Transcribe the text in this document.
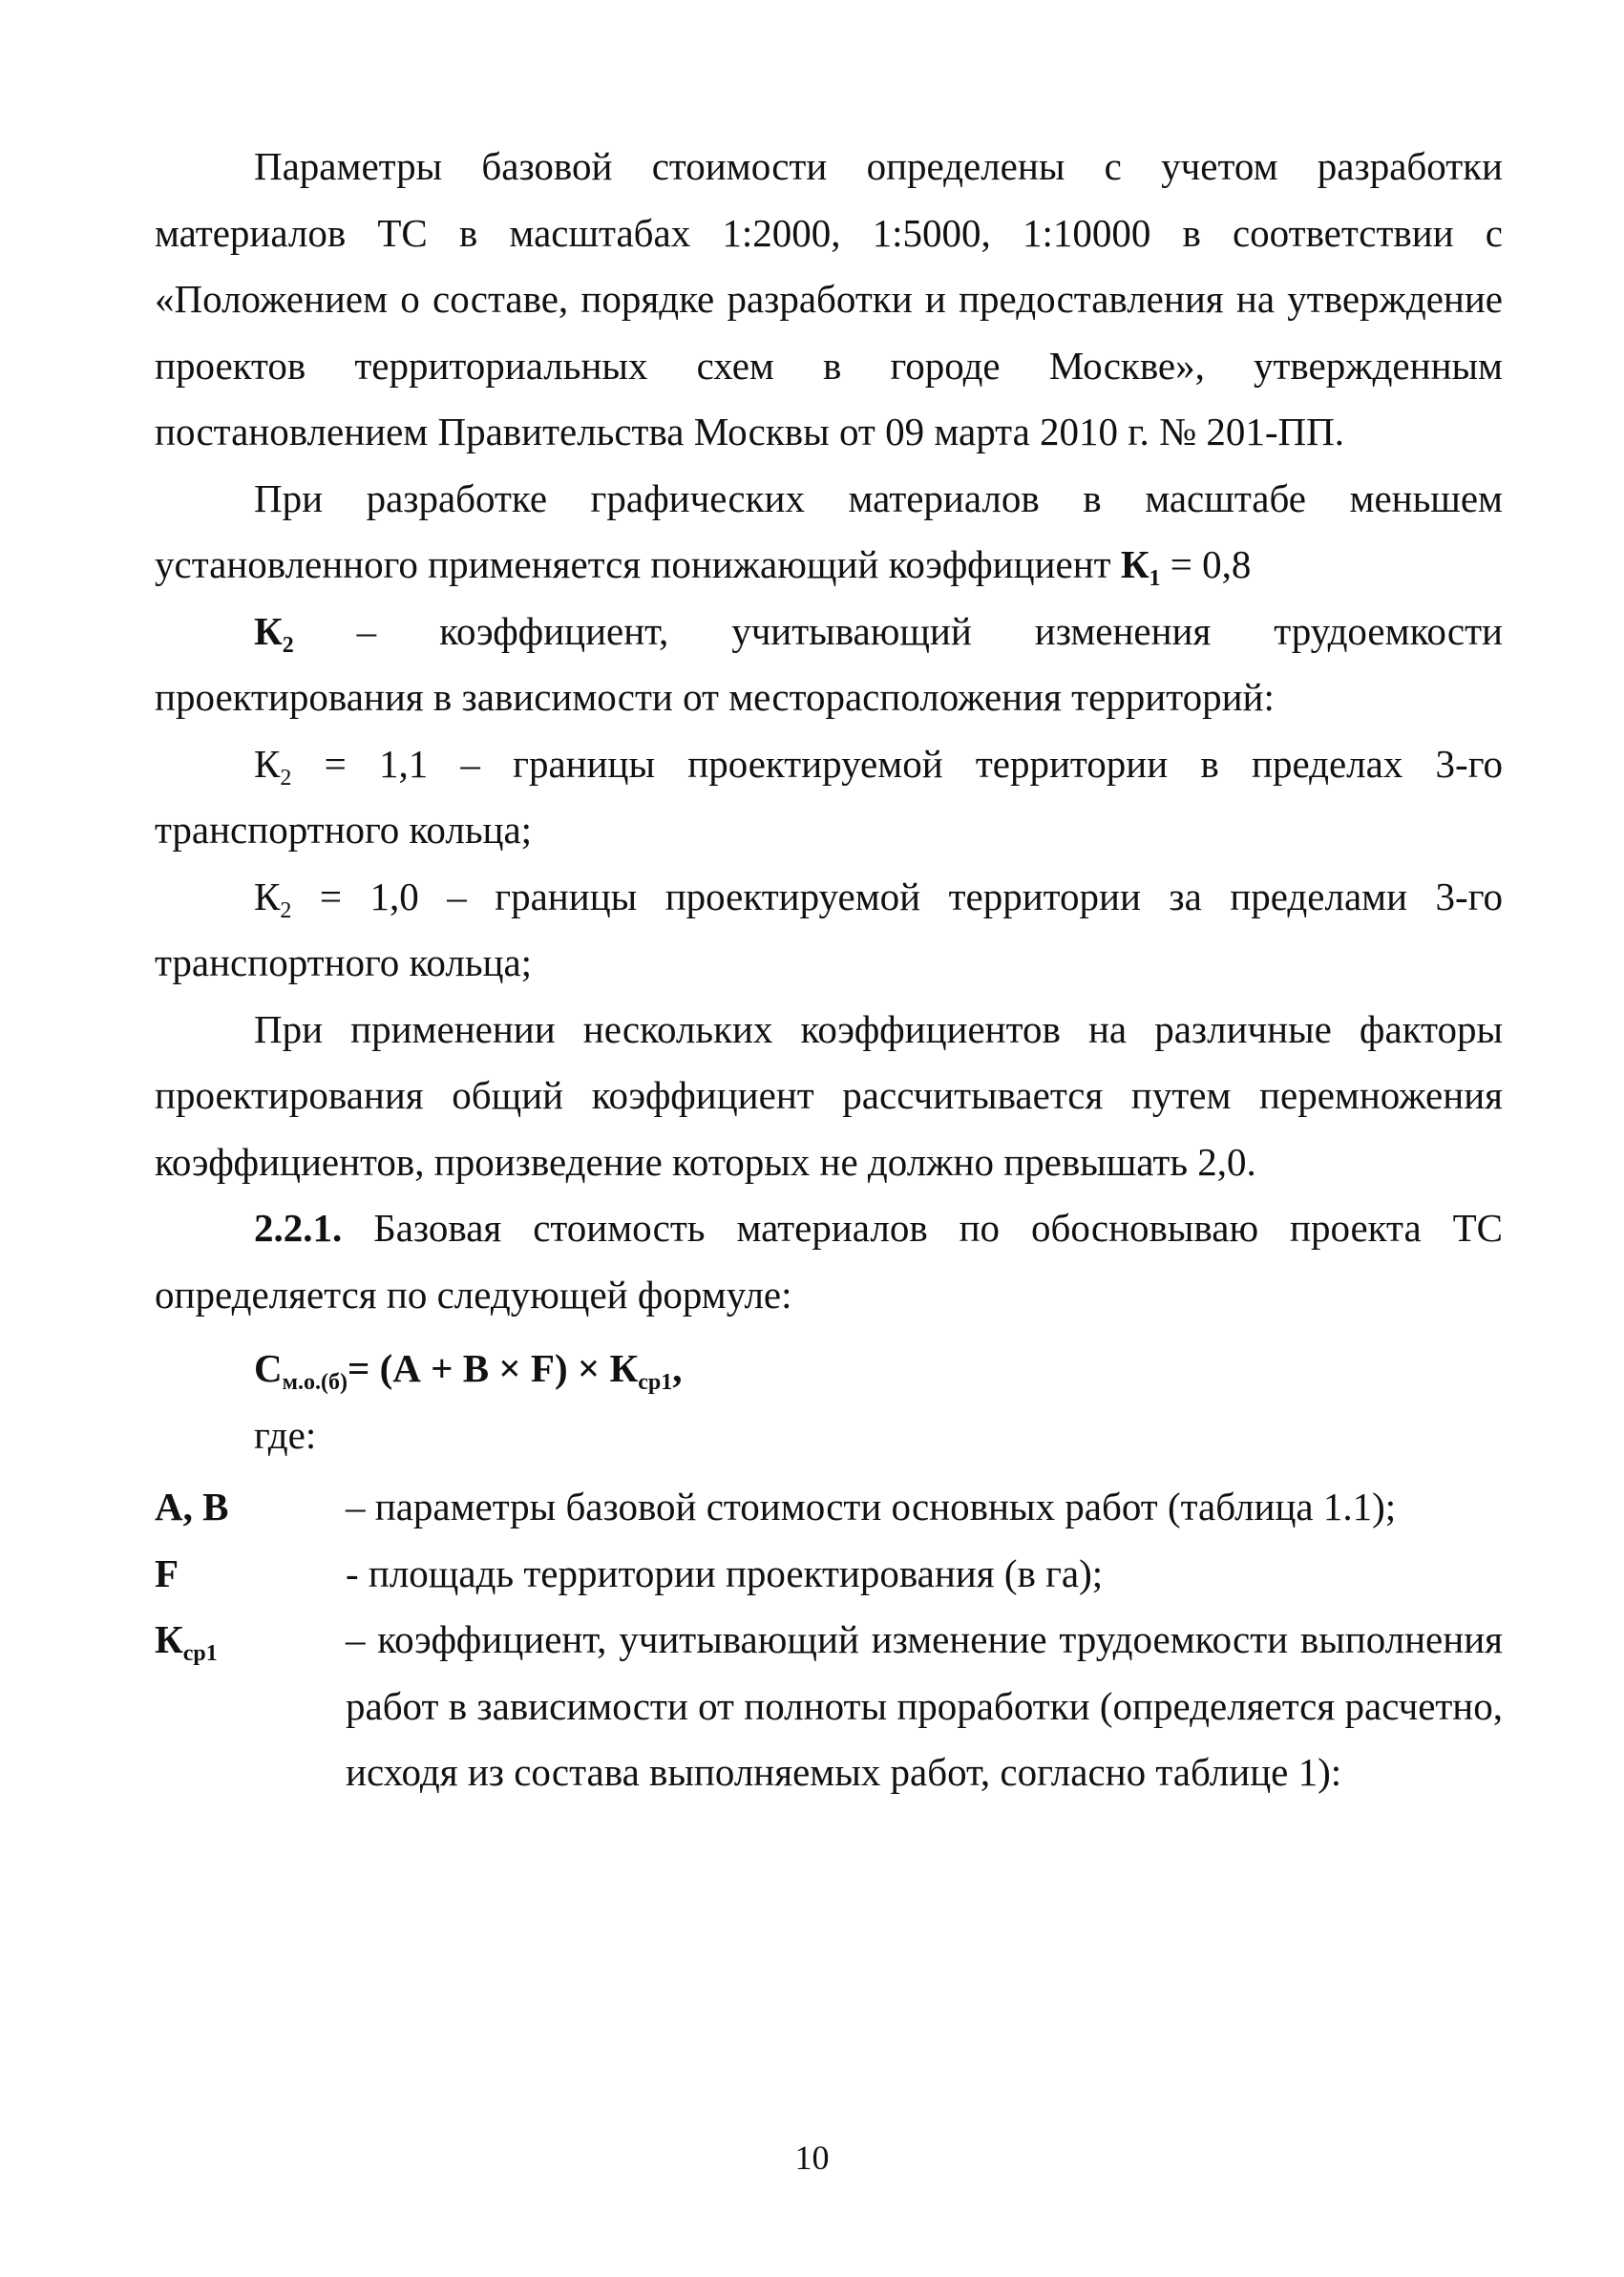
Параметры базовой стоимости определены с учетом разработки материалов ТС в масштабах 1:2000, 1:5000, 1:10000 в соответствии с «Положением о составе, порядке разработки и предоставления на утверждение проектов территориальных схем в городе Москве», утвержденным постановлением Правительства Москвы от 09 марта 2010 г. № 201-ПП.

При разработке графических материалов в масштабе меньшем установленного применяется понижающий коэффициент $К_1 = 0,8$

$К_2$ – коэффициент, учитывающий изменения трудоемкости проектирования в зависимости от месторасположения территорий:

$К_2 = 1,1$ – границы проектируемой территории в пределах 3-го транспортного кольца;

$К_2 = 1,0$ – границы проектируемой территории за пределами 3-го транспортного кольца;

При применении нескольких коэффициентов на различные факторы проектирования общий коэффициент рассчитывается путем перемножения коэффициентов, произведение которых не должно превышать 2,0.

2.2.1. Базовая стоимость материалов по обосновываю проекта ТС определяется по следующей формуле:

$С_{м.о.(б)}= (А + В \times F) \times К_{ср1}$,
где:
А, В	– параметры базовой стоимости основных работ (таблица 1.1);
F	- площадь территории проектирования (в га);
$К_{ср1}$	– коэффициент, учитывающий изменение трудоемкости выполнения работ в зависимости от полноты проработки (определяется расчетно, исходя из состава выполняемых работ, согласно таблице 1):
10
